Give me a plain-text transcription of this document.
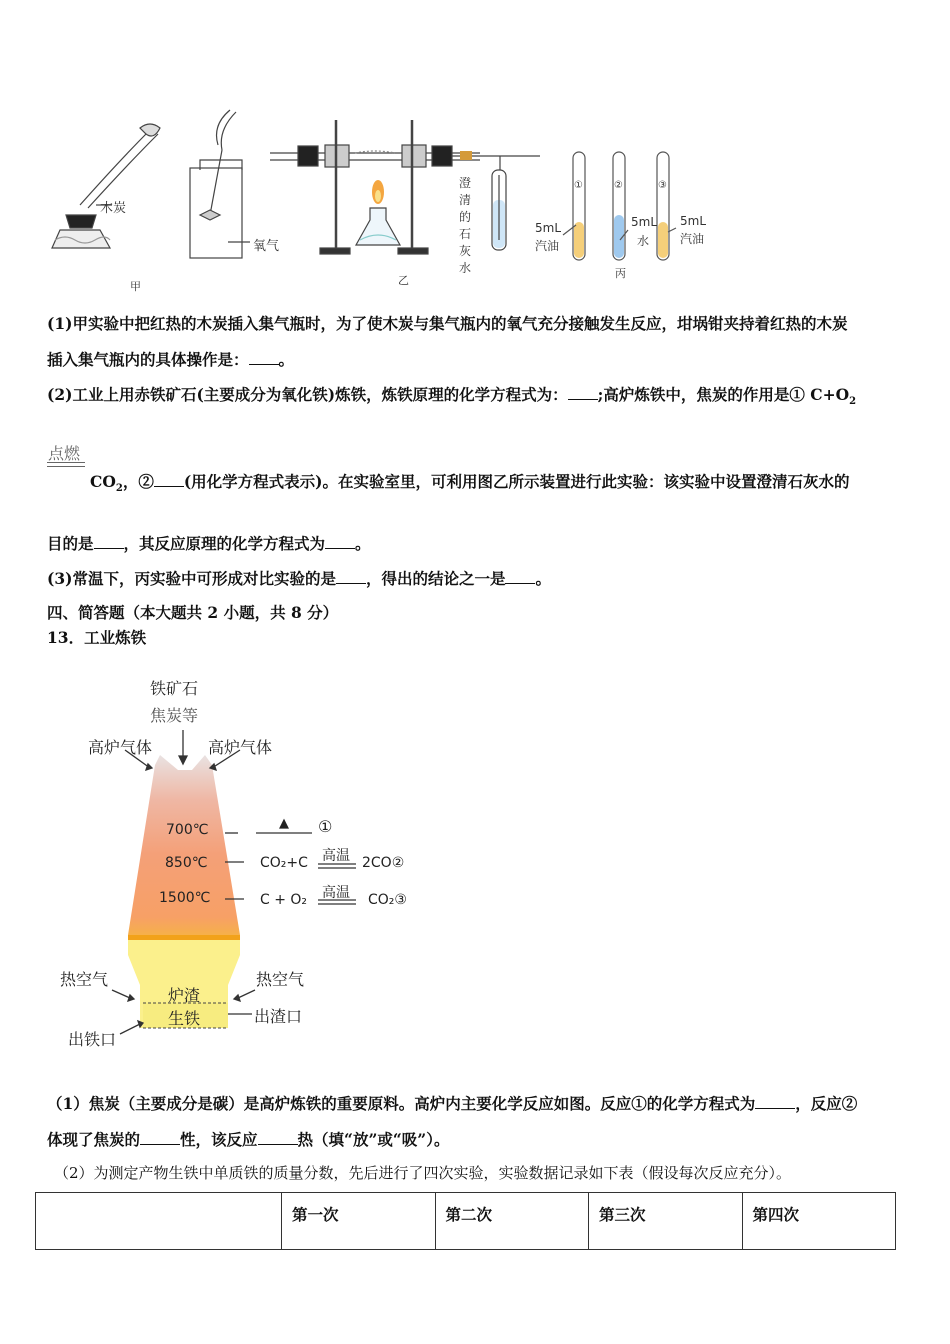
木炭
氧气
甲	乙
丙
澄
清
的
石
灰
水
①	②	③
5mL
汽油
5mL
水
5mL
汽油
(1)甲实验中把红热的木炭插入集气瓶时，为了使木炭与集气瓶内的氧气充分接触发生反应，坩埚钳夹持着红热的木炭
插入集气瓶内的具体操作是： 。
(2)工业上用赤铁矿石(主要成分为氧化铁)炼铁，炼铁原理的化学方程式为： ;高炉炼铁中，焦炭的作用是① $C+O_2$
点燃
$CO_2$，② (用化学方程式表示)。在实验室里，可利用图乙所示装置进行此实验：该实验中设置澄清石灰水的
目的是 ，其反应原理的化学方程式为 。
(3)常温下，丙实验中可形成对比实验的是 ，得出的结论之一是 。
四、简答题（本大题共 2 小题，共 8 分）
13．工业炼铁
铁矿石
焦炭等
高炉气体	高炉气体
700℃
850℃
1500℃
▲ ①
CO₂+C 高温 2CO②
C + O₂ 高温 CO₂③
热空气	热空气
炉渣
生铁	出渣口
出铁口
（1）焦炭（主要成分是碳）是高炉炼铁的重要原料。高炉内主要化学反应如图。反应①的化学方程式为	，反应②
体现了焦炭的	性，该反应	热（填“放”或“吸”）。
（2）为测定产物生铁中单质铁的质量分数，先后进行了四次实验，实验数据记录如下表（假设每次反应充分）。
	第一次	第二次	第三次	第四次
